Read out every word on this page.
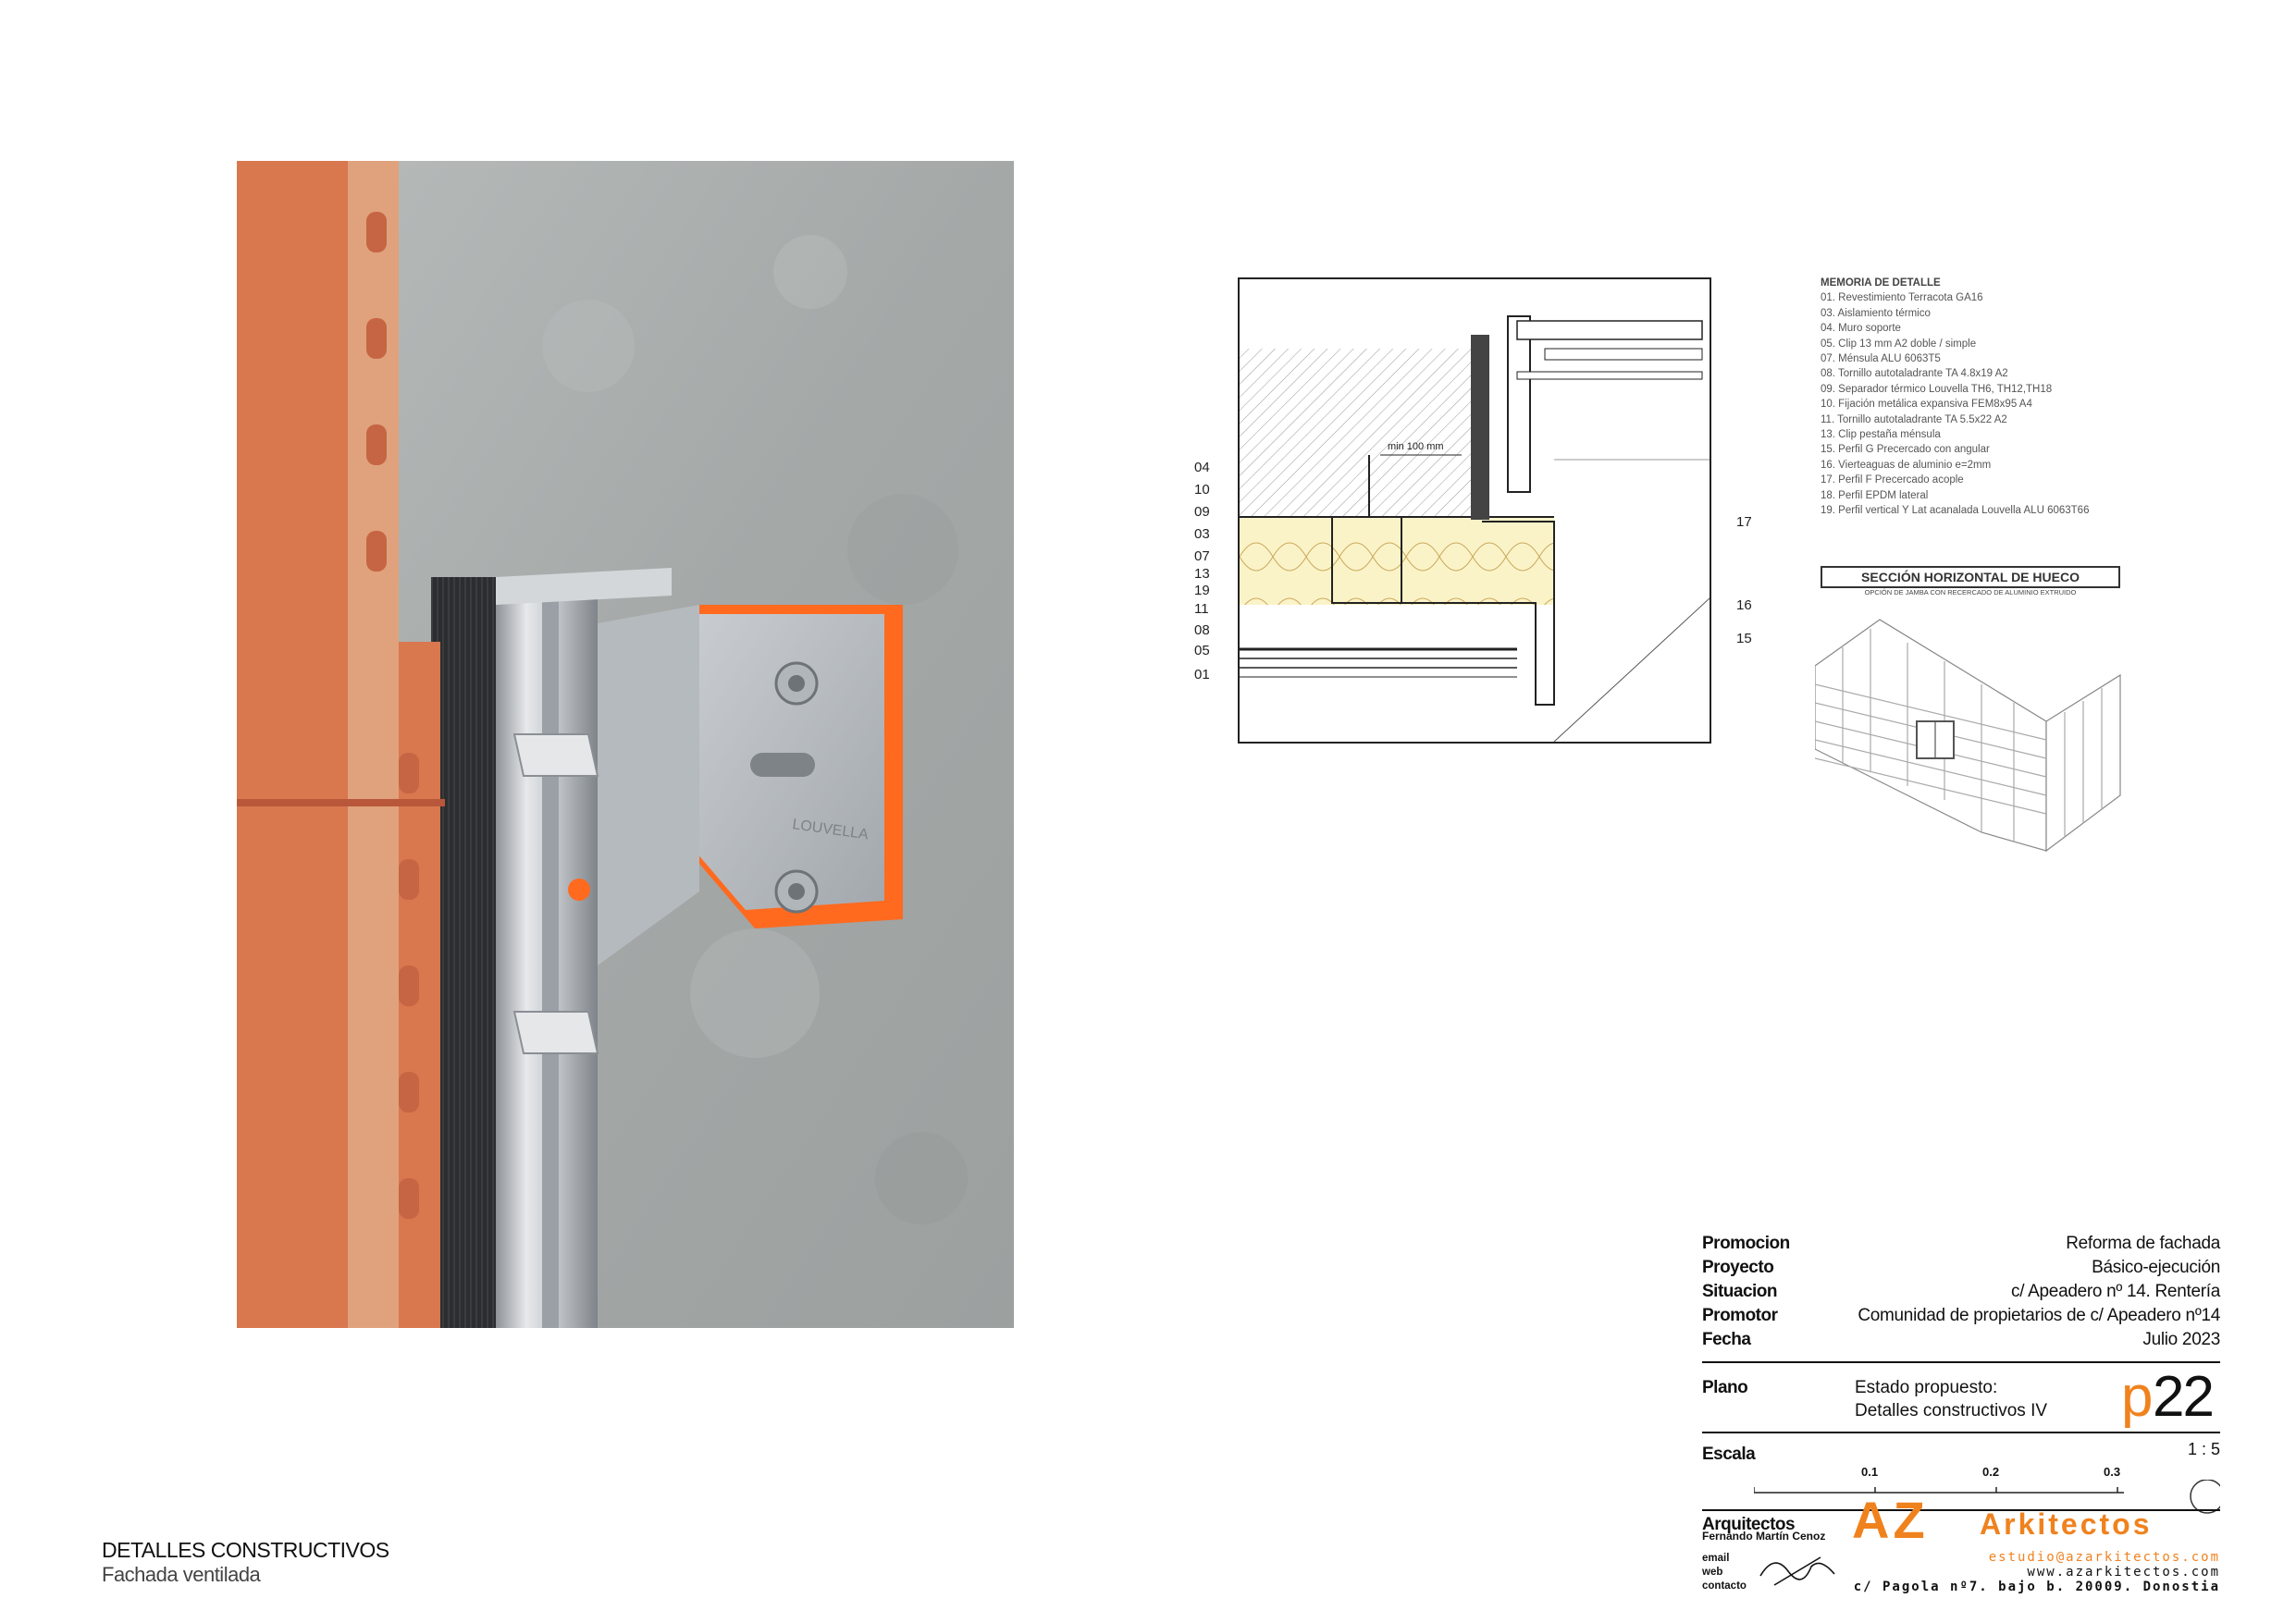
LOUVELLA
min 100 mm
04
10
09
03
07
13
19
11
08
05
01
17
16
15
MEMORIA DE DETALLE
01. Revestimiento Terracota GA16
03. Aislamiento térmico
04. Muro soporte
05. Clip 13 mm A2 doble / simple
07. Ménsula ALU 6063T5
08. Tornillo autotaladrante TA 4.8x19 A2
09. Separador térmico Louvella TH6, TH12,TH18
10. Fijación metálica expansiva FEM8x95 A4
11. Tornillo autotaladrante TA 5.5x22 A2
13. Clip pestaña ménsula
15. Perfil G Precercado con angular
16. Vierteaguas de aluminio e=2mm
17. Perfil F Precercado acople
18. Perfil EPDM lateral
19. Perfil vertical Y Lat acanalada Louvella ALU 6063T66
SECCIÓN HORIZONTAL DE HUECO
OPCIÓN DE JAMBA CON RECERCADO DE ALUMINIO EXTRUIDO
Promocion	Reforma de fachada
Proyecto	Básico-ejecución
Situacion	c/ Apeadero nº 14. Rentería
Promotor	Comunidad de propietarios de c/ Apeadero nº14
Fecha	Julio 2023
Plano	Estado propuesto:
Detalles constructivos IV p 22
Escala	1 : 5
0.1	0.2	0.3
Arquitectos
Fernando Martín Cenoz AZ Arkitectos
email
web
contacto
estudio@azarkitectos.com
www.azarkitectos.com
c/ Pagola nº7. bajo b. 20009. Donostia
DETALLES CONSTRUCTIVOS
Fachada ventilada
